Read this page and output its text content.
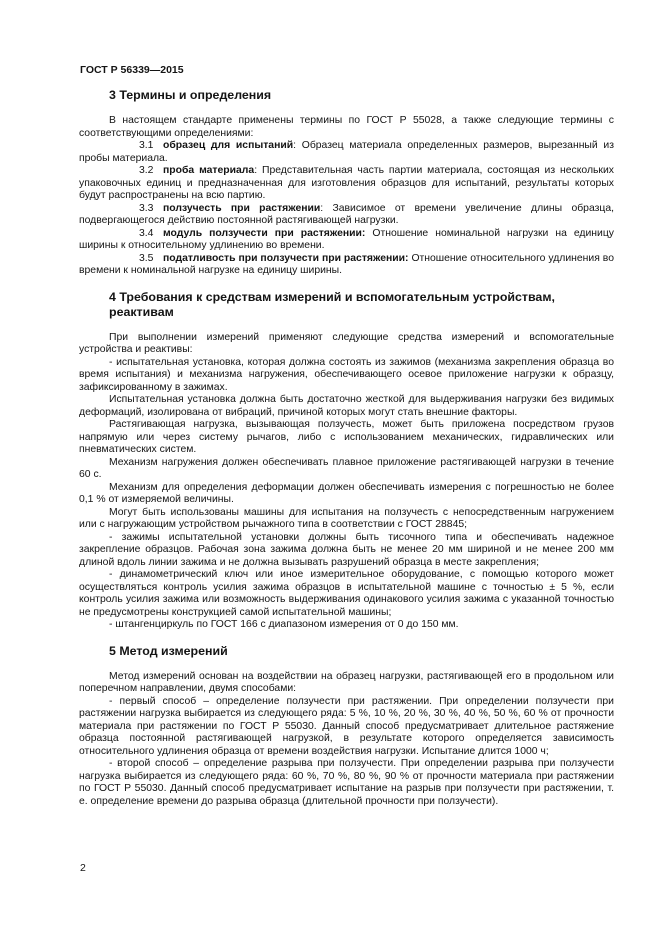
ГОСТ Р 56339—2015
3 Термины и определения

В настоящем стандарте применены термины по ГОСТ Р 55028, а также следующие термины с соответствующими определениями:

3.1 образец для испытаний: Образец материала определенных размеров, вырезанный из пробы материала.

3.2 проба материала: Представительная часть партии материала, состоящая из нескольких упаковочных единиц и предназначенная для изготовления образцов для испытаний, результаты которых будут распространены на всю партию.

3.3 ползучесть при растяжении: Зависимое от времени увеличение длины образца, подвергающегося действию постоянной растягивающей нагрузки.

3.4 модуль ползучести при растяжении: Отношение номинальной нагрузки на единицу ширины к относительному удлинению во времени.

3.5 податливость при ползучести при растяжении: Отношение относительного удлинения во времени к номинальной нагрузке на единицу ширины.

4 Требования к средствам измерений и вспомогательным устройствам, реактивам

При выполнении измерений применяют следующие средства измерений и вспомогательные устройства и реактивы:

- испытательная установка, которая должна состоять из зажимов (механизма закрепления образца во время испытания) и механизма нагружения, обеспечивающего осевое приложение нагрузки к образцу, зафиксированному в зажимах.

Испытательная установка должна быть достаточно жесткой для выдерживания нагрузки без видимых деформаций, изолирована от вибраций, причиной которых могут стать внешние факторы.

Растягивающая нагрузка, вызывающая ползучесть, может быть приложена посредством грузов напрямую или через систему рычагов, либо с использованием механических, гидравлических или пневматических систем.

Механизм нагружения должен обеспечивать плавное приложение растягивающей нагрузки в течение 60 с.

Механизм для определения деформации должен обеспечивать измерения с погрешностью не более 0,1 % от измеряемой величины.

Могут быть использованы машины для испытания на ползучесть с непосредственным нагружением или с нагружающим устройством рычажного типа в соответствии с ГОСТ 28845;

- зажимы испытательной установки должны быть тисочного типа и обеспечивать надежное закрепление образцов. Рабочая зона зажима должна быть не менее 20 мм шириной и не менее 200 мм длиной вдоль линии зажима и не должна вызывать разрушений образца в месте закрепления;

- динамометрический ключ или иное измерительное оборудование, с помощью которого может осуществляться контроль усилия зажима образцов в испытательной машине с точностью ± 5 %, если контроль усилия зажима или возможность выдерживания одинакового усилия зажима с указанной точностью не предусмотрены конструкцией самой испытательной машины;

- штангенциркуль по ГОСТ 166 с диапазоном измерения от 0 до 150 мм.

5 Метод измерений

Метод измерений основан на воздействии на образец нагрузки, растягивающей его в продольном или поперечном направлении, двумя способами:

- первый способ – определение ползучести при растяжении. При определении ползучести при растяжении нагрузка выбирается из следующего ряда: 5 %, 10 %, 20 %, 30 %, 40 %, 50 %, 60 % от прочности материала при растяжении по ГОСТ Р 55030. Данный способ предусматривает длительное растяжение образца постоянной растягивающей нагрузкой, в результате которого определяется зависимость относительного удлинения образца от времени воздействия нагрузки. Испытание длится 1000 ч;

- второй способ – определение разрыва при ползучести. При определении разрыва при ползучести нагрузка выбирается из следующего ряда: 60 %, 70 %, 80 %, 90 % от прочности материала при растяжении по ГОСТ Р 55030. Данный способ предусматривает испытание на разрыв при ползучести при растяжении, т. е. определение времени до разрыва образца (длительной прочности при ползучести).

2
